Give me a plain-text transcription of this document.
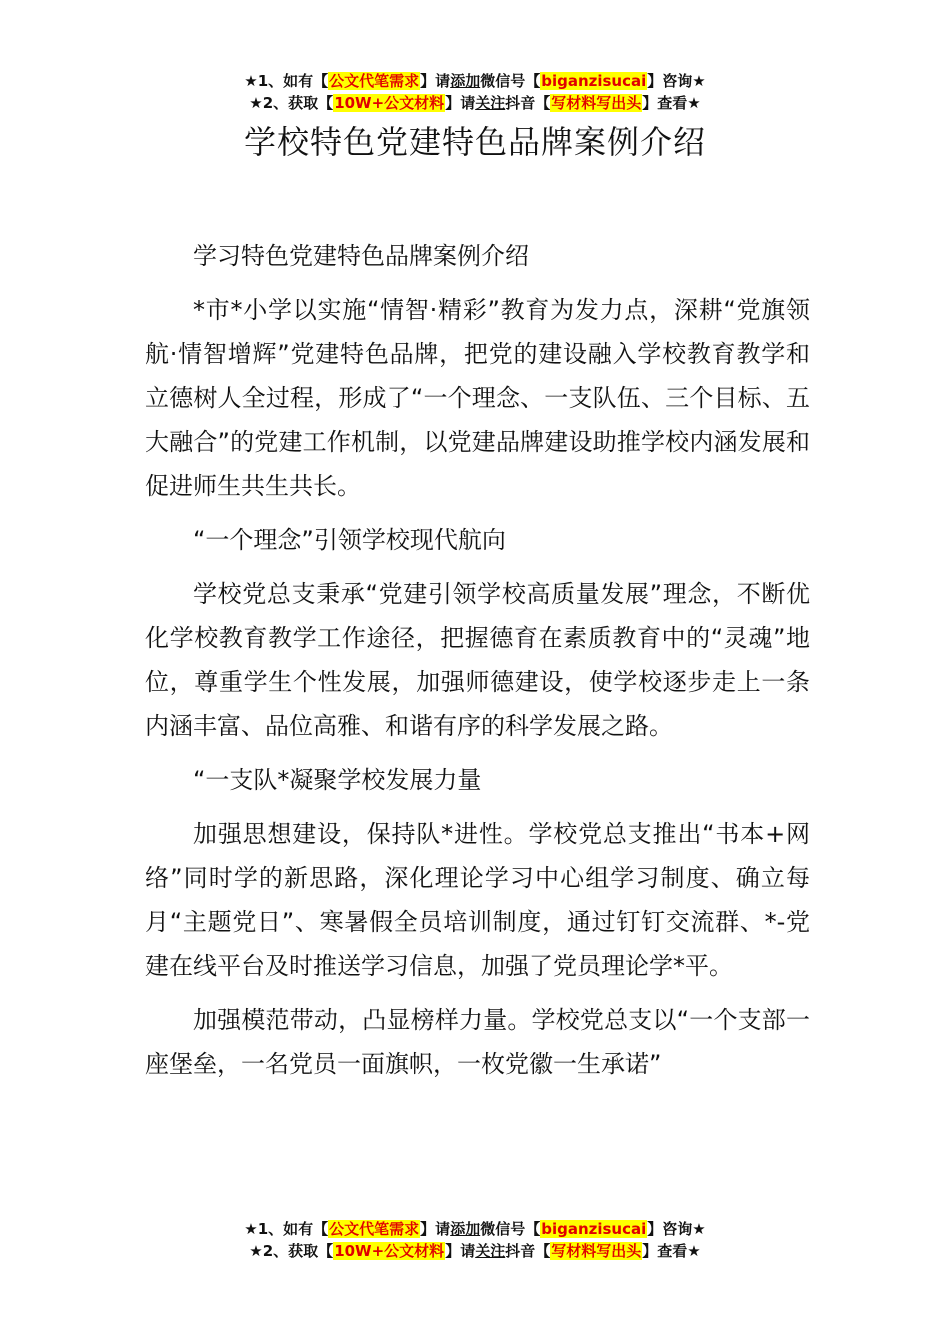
★1、如有【公文代笔需求】请添加微信号【biganzisucai】咨询★
★2、获取【10W+公文材料】请关注抖音【写材料写出头】查看★
学校特色党建特色品牌案例介绍

学习特色党建特色品牌案例介绍

*市*小学以实施“情智·精彩”教育为发力点，深耕“党旗领航·情智增辉”党建特色品牌，把党的建设融入学校教育教学和立德树人全过程，形成了“一个理念、一支队伍、三个目标、五大融合”的党建工作机制，以党建品牌建设助推学校内涵发展和促进师生共生共长。

“一个理念”引领学校现代航向

学校党总支秉承“党建引领学校高质量发展”理念，不断优化学校教育教学工作途径，把握德育在素质教育中的“灵魂”地位，尊重学生个性发展，加强师德建设，使学校逐步走上一条内涵丰富、品位高雅、和谐有序的科学发展之路。

“一支队*凝聚学校发展力量

加强思想建设，保持队*进性。学校党总支推出“书本+网络”同时学的新思路，深化理论学习中心组学习制度、确立每月“主题党日”、寒暑假全员培训制度，通过钉钉交流群、*-党建在线平台及时推送学习信息，加强了党员理论学*平。

加强模范带动，凸显榜样力量。学校党总支以“一个支部一座堡垒，一名党员一面旗帜，一枚党徽一生承诺”

★1、如有【公文代笔需求】请添加微信号【biganzisucai】咨询★
★2、获取【10W+公文材料】请关注抖音【写材料写出头】查看★
